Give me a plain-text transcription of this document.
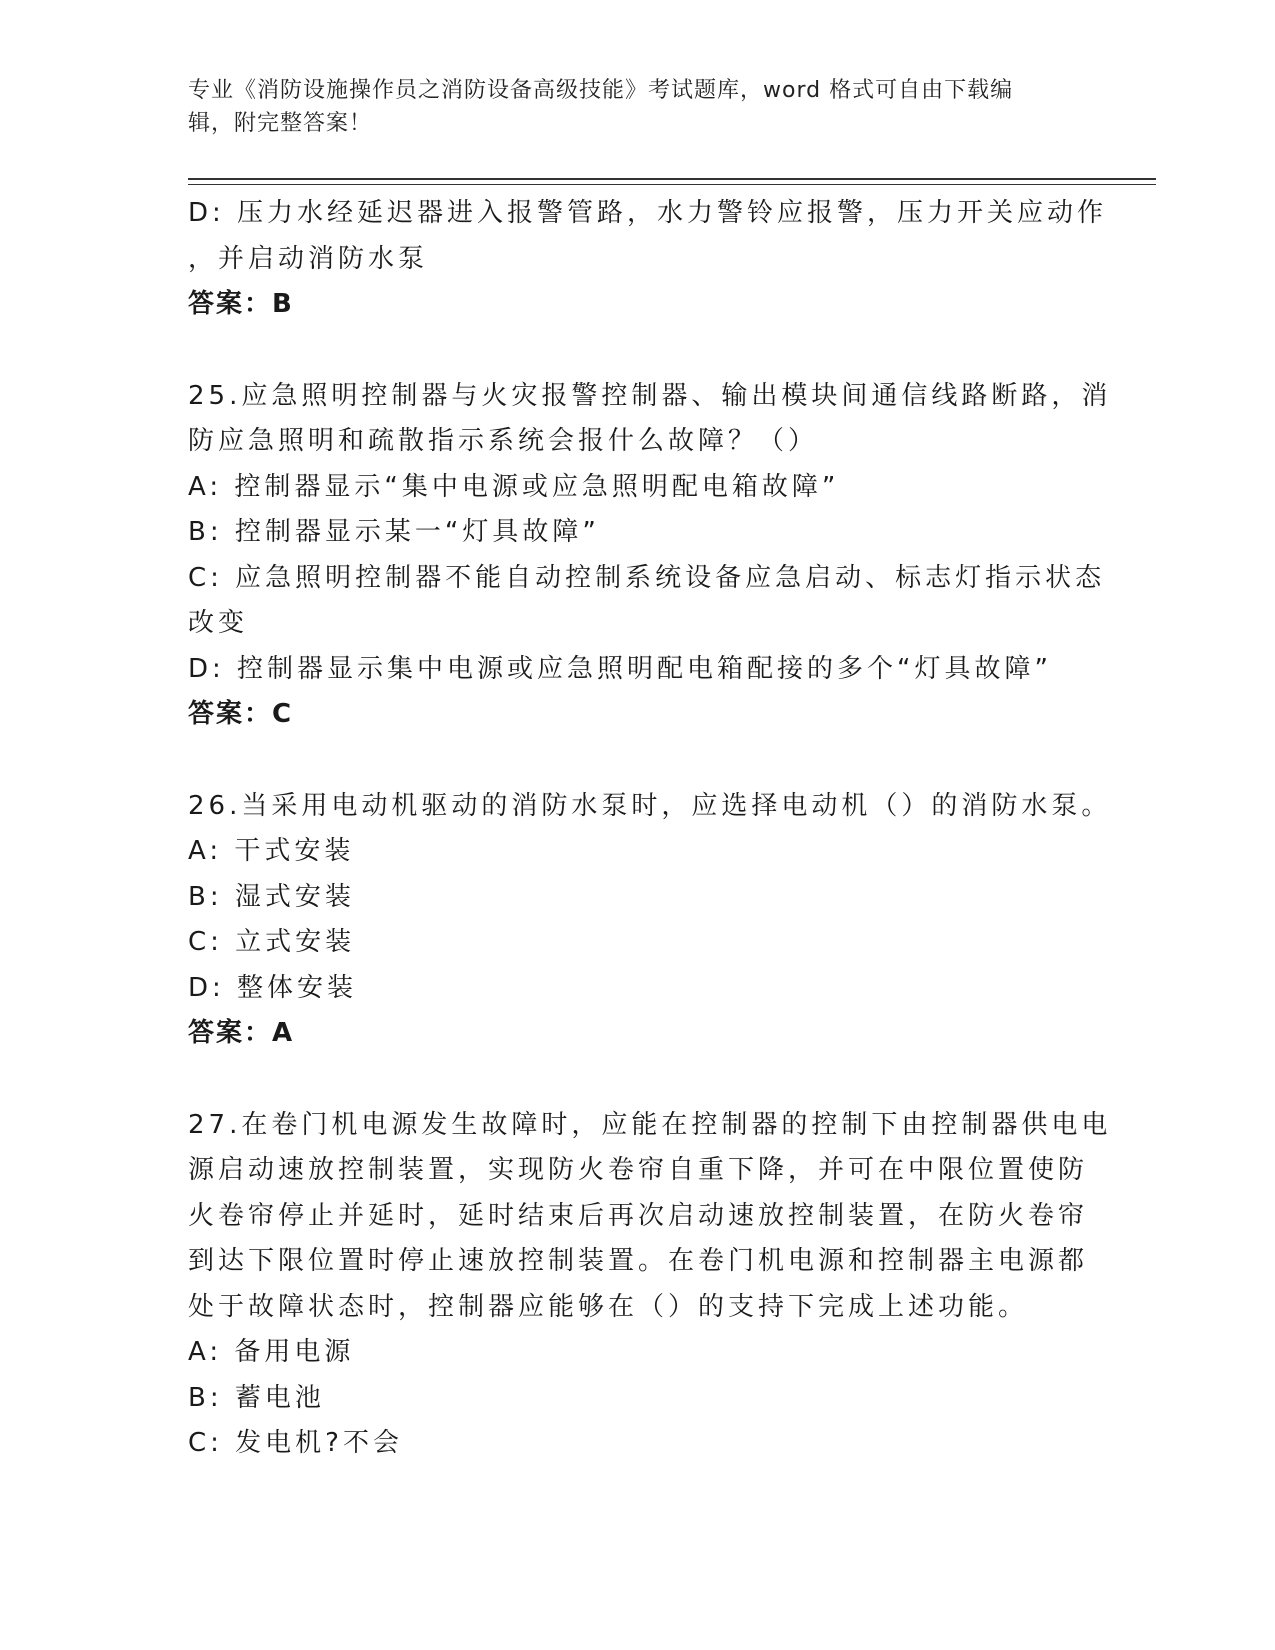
专业《消防设施操作员之消防设备高级技能》考试题库，word 格式可自由下载编
辑，附完整答案！
D: 压力水经延迟器进入报警管路，水力警铃应报警，压力开关应动作
，并启动消防水泵
答案：B
25.应急照明控制器与火灾报警控制器、输出模块间通信线路断路，消
防应急照明和疏散指示系统会报什么故障？（）
A: 控制器显示“集中电源或应急照明配电箱故障”
B: 控制器显示某一“灯具故障”
C: 应急照明控制器不能自动控制系统设备应急启动、标志灯指示状态
改变
D: 控制器显示集中电源或应急照明配电箱配接的多个“灯具故障”
答案：C
26.当采用电动机驱动的消防水泵时，应选择电动机（）的消防水泵。
A: 干式安装
B: 湿式安装
C: 立式安装
D: 整体安装
答案：A
27.在卷门机电源发生故障时，应能在控制器的控制下由控制器供电电
源启动速放控制装置，实现防火卷帘自重下降，并可在中限位置使防
火卷帘停止并延时，延时结束后再次启动速放控制装置，在防火卷帘
到达下限位置时停止速放控制装置。在卷门机电源和控制器主电源都
处于故障状态时，控制器应能够在（）的支持下完成上述功能。
A: 备用电源
B: 蓄电池
C: 发电机?不会
